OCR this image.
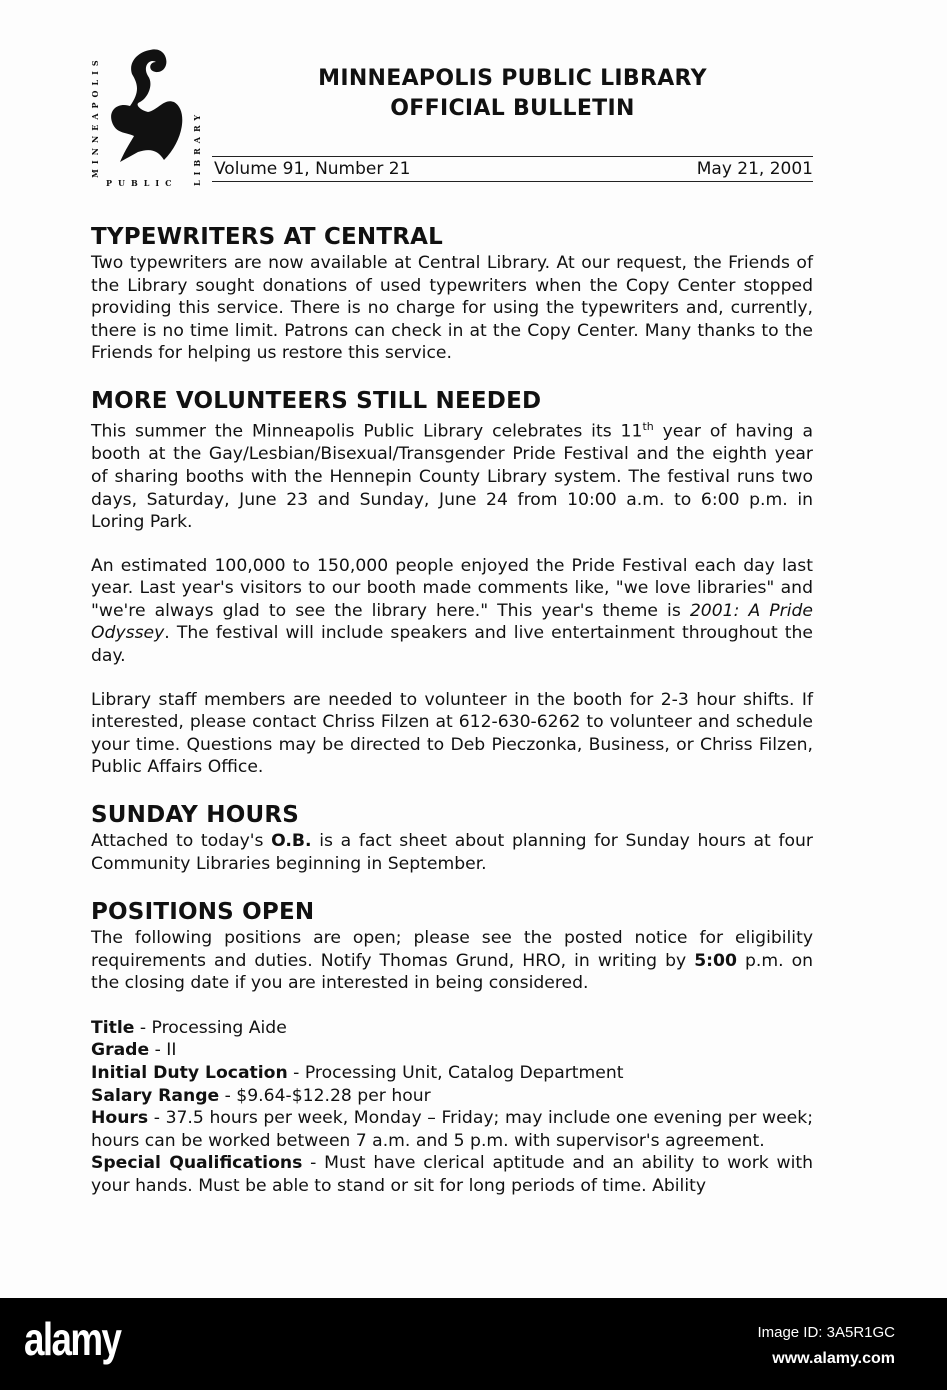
MINNEAPOLIS
PUBLIC LIBRARY
MINNEAPOLIS PUBLIC LIBRARY
OFFICIAL BULLETIN
Volume 91, Number 21	May 21, 2001
TYPEWRITERS AT CENTRAL

Two typewriters are now available at Central Library. At our request, the Friends of the Library sought donations of used typewriters when the Copy Center stopped providing this service. There is no charge for using the typewriters and, currently, there is no time limit. Patrons can check in at the Copy Center. Many thanks to the Friends for helping us restore this service.

MORE VOLUNTEERS STILL NEEDED

This summer the Minneapolis Public Library celebrates its 11th year of having a booth at the Gay/Lesbian/Bisexual/Transgender Pride Festival and the eighth year of sharing booths with the Hennepin County Library system. The festival runs two days, Saturday, June 23 and Sunday, June 24 from 10:00 a.m. to 6:00 p.m. in Loring Park.

An estimated 100,000 to 150,000 people enjoyed the Pride Festival each day last year. Last year's visitors to our booth made comments like, "we love libraries" and "we're always glad to see the library here." This year's theme is 2001: A Pride Odyssey. The festival will include speakers and live entertainment throughout the day.

Library staff members are needed to volunteer in the booth for 2-3 hour shifts. If interested, please contact Chriss Filzen at 612-630-6262 to volunteer and schedule your time. Questions may be directed to Deb Pieczonka, Business, or Chriss Filzen, Public Affairs Office.

SUNDAY HOURS

Attached to today's O.B. is a fact sheet about planning for Sunday hours at four Community Libraries beginning in September.

POSITIONS OPEN

The following positions are open; please see the posted notice for eligibility requirements and duties. Notify Thomas Grund, HRO, in writing by 5:00 p.m. on the closing date if you are interested in being considered.

Title - Processing Aide
Grade - II
Initial Duty Location - Processing Unit, Catalog Department
Salary Range - $9.64-$12.28 per hour
Hours - 37.5 hours per week, Monday – Friday; may include one evening per week; hours can be worked between 7 a.m. and 5 p.m. with supervisor's agreement.
Special Qualifications - Must have clerical aptitude and an ability to work with your hands. Must be able to stand or sit for long periods of time. Ability
alamy	Image ID: 3A5R1GC
www.alamy.com
